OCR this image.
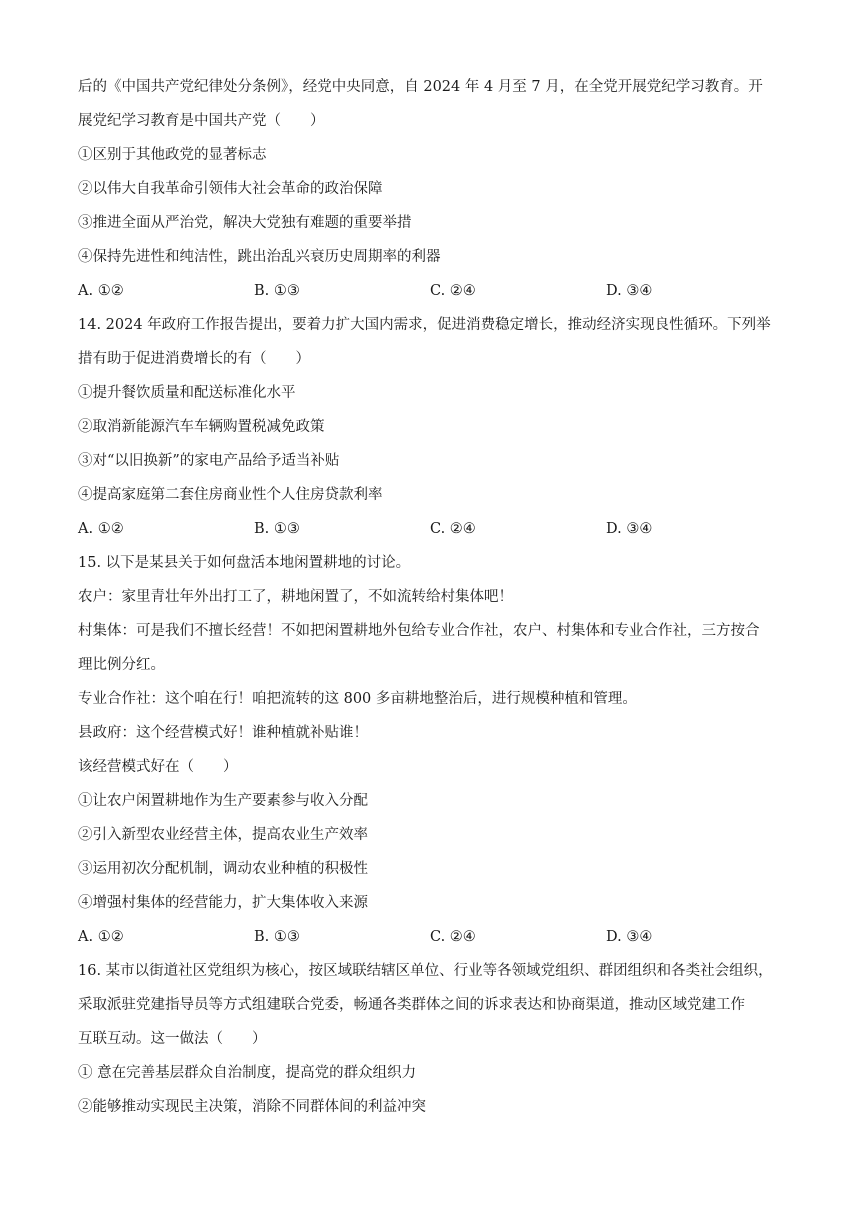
后的《中国共产党纪律处分条例》，经党中央同意，自 2024 年 4 月至 7 月，在全党开展党纪学习教育。开
展党纪学习教育是中国共产党（　　）
①区别于其他政党的显著标志
②以伟大自我革命引领伟大社会革命的政治保障
③推进全面从严治党，解决大党独有难题的重要举措
④保持先进性和纯洁性，跳出治乱兴衰历史周期率的利器
A. ①②	B. ①③	C. ②④	D. ③④
14. 2024 年政府工作报告提出，要着力扩大国内需求，促进消费稳定增长，推动经济实现良性循环。下列举
措有助于促进消费增长的有（　　）
①提升餐饮质量和配送标准化水平
②取消新能源汽车车辆购置税减免政策
③对“以旧换新”的家电产品给予适当补贴
④提高家庭第二套住房商业性个人住房贷款利率
A. ①②	B. ①③	C. ②④	D. ③④
15. 以下是某县关于如何盘活本地闲置耕地的讨论。
农户：家里青壮年外出打工了，耕地闲置了，不如流转给村集体吧！
村集体：可是我们不擅长经营！不如把闲置耕地外包给专业合作社，农户、村集体和专业合作社，三方按合
理比例分红。
专业合作社：这个咱在行！咱把流转的这 800 多亩耕地整治后，进行规模种植和管理。
县政府：这个经营模式好！谁种植就补贴谁！
该经营模式好在（　　）
①让农户闲置耕地作为生产要素参与收入分配
②引入新型农业经营主体，提高农业生产效率
③运用初次分配机制，调动农业种植的积极性
④增强村集体的经营能力，扩大集体收入来源
A. ①②	B. ①③	C. ②④	D. ③④
16. 某市以街道社区党组织为核心，按区域联结辖区单位、行业等各领域党组织、群团组织和各类社会组织，
采取派驻党建指导员等方式组建联合党委，畅通各类群体之间的诉求表达和协商渠道，推动区域党建工作
互联互动。这一做法（　　）
① 意在完善基层群众自治制度，提高党的群众组织力
②能够推动实现民主决策，消除不同群体间的利益冲突
